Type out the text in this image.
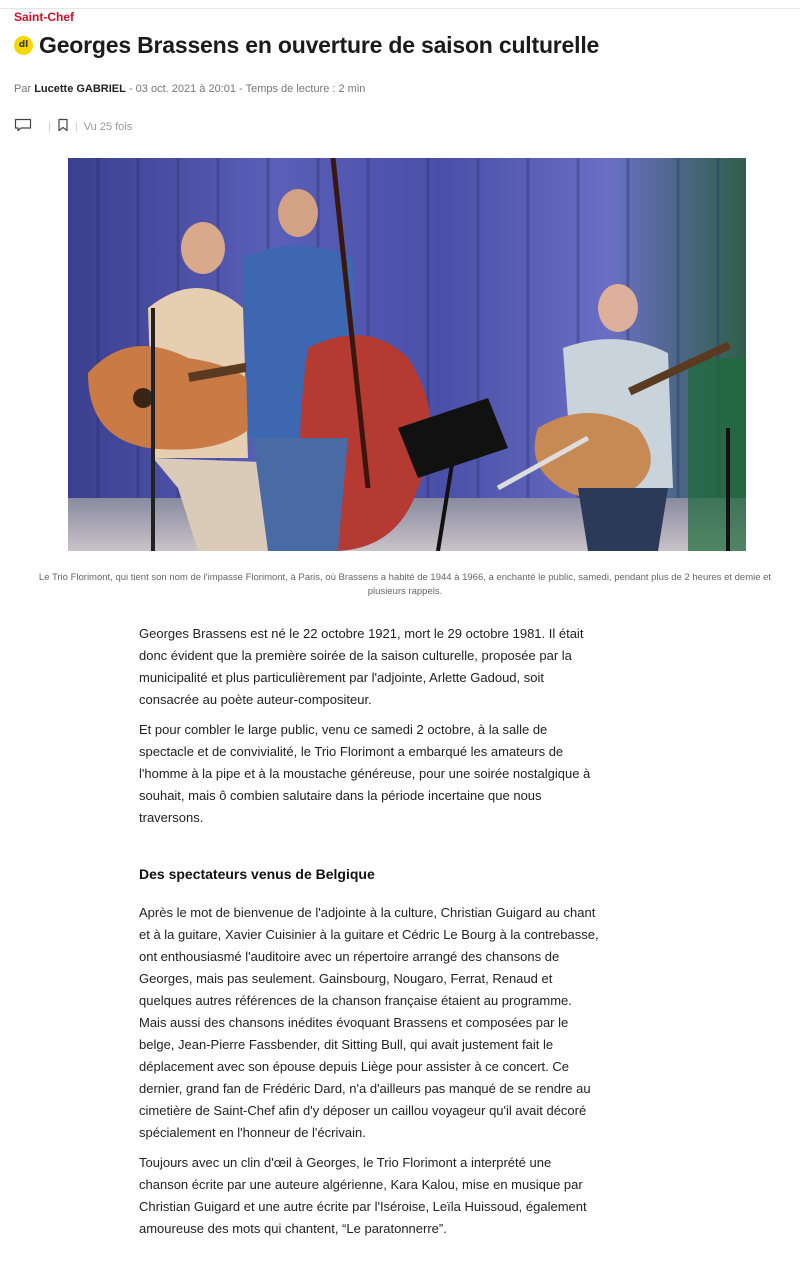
Saint-Chef
dl Georges Brassens en ouverture de saison culturelle
Par Lucette GABRIEL - 03 oct. 2021 à 20:01 - Temps de lecture : 2 min
| | Vu 25 fois
Le Trio Florimont, qui tient son nom de l'impasse Florimont, à Paris, où Brassens a habité de 1944 à 1966, a enchanté le public, samedi, pendant plus de 2 heures et demie et plusieurs rappels.

Georges Brassens est né le 22 octobre 1921, mort le 29 octobre 1981. Il était donc évident que la première soirée de la saison culturelle, proposée par la municipalité et plus particulièrement par l'adjointe, Arlette Gadoud, soit consacrée au poète auteur-compositeur.

Et pour combler le large public, venu ce samedi 2 octobre, à la salle de spectacle et de convivialité, le Trio Florimont a embarqué les amateurs de l'homme à la pipe et à la moustache généreuse, pour une soirée nostalgique à souhait, mais ô combien salutaire dans la période incertaine que nous traversons.

Des spectateurs venus de Belgique

Après le mot de bienvenue de l'adjointe à la culture, Christian Guigard au chant et à la guitare, Xavier Cuisinier à la guitare et Cédric Le Bourg à la contrebasse, ont enthousiasmé l'auditoire avec un répertoire arrangé des chansons de Georges, mais pas seulement. Gainsbourg, Nougaro, Ferrat, Renaud et quelques autres références de la chanson française étaient au programme. Mais aussi des chansons inédites évoquant Brassens et composées par le belge, Jean-Pierre Fassbender, dit Sitting Bull, qui avait justement fait le déplacement avec son épouse depuis Liège pour assister à ce concert. Ce dernier, grand fan de Frédéric Dard, n'a d'ailleurs pas manqué de se rendre au cimetière de Saint-Chef afin d'y déposer un caillou voyageur qu'il avait décoré spécialement en l'honneur de l'écrivain.

Toujours avec un clin d'œil à Georges, le Trio Florimont a interprété une chanson écrite par une auteure algérienne, Kara Kalou, mise en musique par Christian Guigard et une autre écrite par l'Iséroise, Leïla Huissoud, également amoureuse des mots qui chantent, “Le paratonnerre”.
